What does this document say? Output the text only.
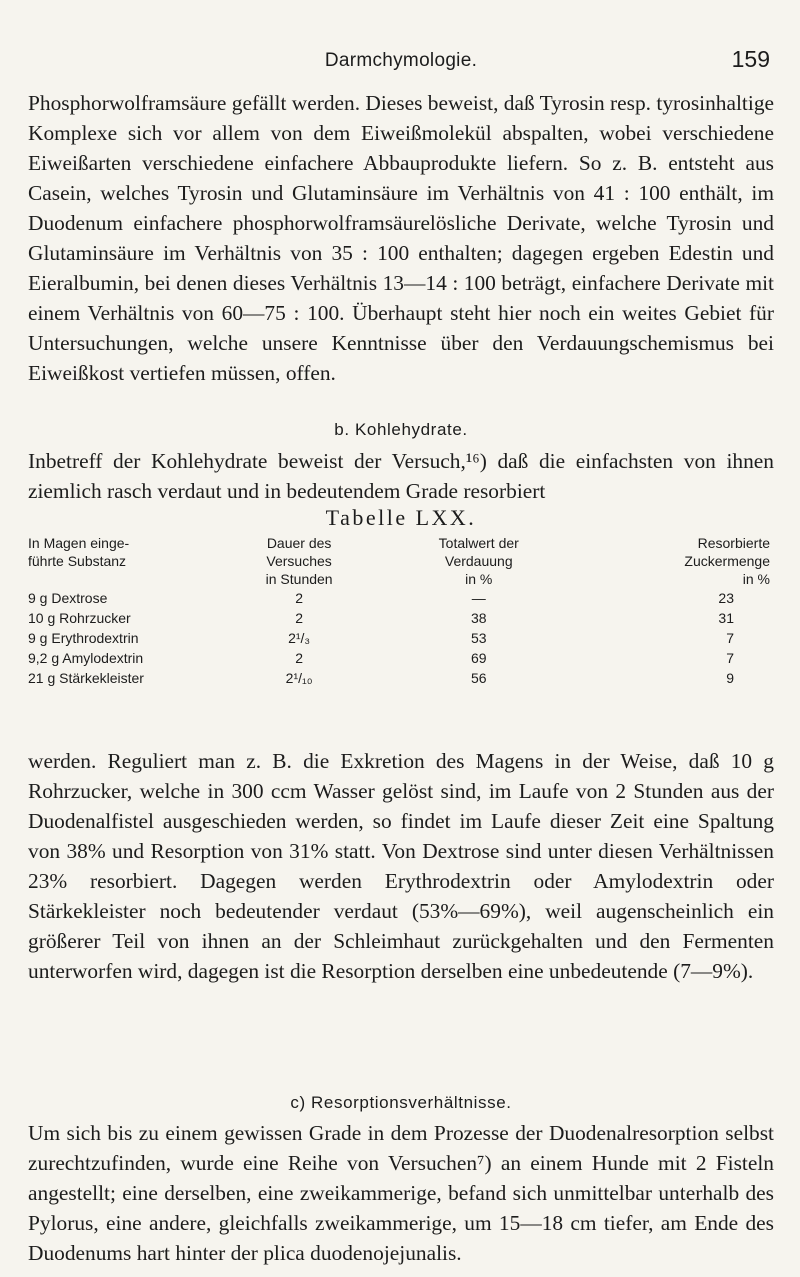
Darmchymologie.	159

Phosphorwolframsäure gefällt werden. Dieses beweist, daß Tyrosin resp. tyrosinhaltige Komplexe sich vor allem von dem Eiweißmolekül abspalten, wobei verschiedene Eiweißarten verschiedene einfachere Abbauprodukte liefern. So z. B. entsteht aus Casein, welches Tyrosin und Glutaminsäure im Verhältnis von 41 : 100 enthält, im Duodenum einfachere phosphorwolframsäurelösliche Derivate, welche Tyrosin und Glutaminsäure im Verhältnis von 35 : 100 enthalten; dagegen ergeben Edestin und Eieralbumin, bei denen dieses Verhältnis 13—14 : 100 beträgt, einfachere Derivate mit einem Verhältnis von 60—75 : 100. Überhaupt steht hier noch ein weites Gebiet für Untersuchungen, welche unsere Kenntnisse über den Verdauungschemismus bei Eiweißkost vertiefen müssen, offen.

b. Kohlehydrate.

Inbetreff der Kohlehydrate beweist der Versuch,¹⁶) daß die einfachsten von ihnen ziemlich rasch verdaut und in bedeutendem Grade resorbiert

Tabelle LXX.
In Magen einge-	Dauer des	Totalwert der	Resorbierte
führte Substanz	Versuches	Verdauung	Zuckermenge
	in Stunden	in %	in %
9 g Dextrose	2	—	23
10 g Rohrzucker	2	38	31
9 g Erythrodextrin	2¹/₃	53	7
9,2 g Amylodextrin	2	69	7
21 g Stärkekleister	2¹/₁₀	56	9

werden. Reguliert man z. B. die Exkretion des Magens in der Weise, daß 10 g Rohrzucker, welche in 300 ccm Wasser gelöst sind, im Laufe von 2 Stunden aus der Duodenalfistel ausgeschieden werden, so findet im Laufe dieser Zeit eine Spaltung von 38% und Resorption von 31% statt. Von Dextrose sind unter diesen Verhältnissen 23% resorbiert. Dagegen werden Erythrodextrin oder Amylodextrin oder Stärkekleister noch bedeutender verdaut (53%—69%), weil augenscheinlich ein größerer Teil von ihnen an der Schleimhaut zurückgehalten und den Fermenten unterworfen wird, dagegen ist die Resorption derselben eine unbedeutende (7—9%).

c) Resorptionsverhältnisse.

Um sich bis zu einem gewissen Grade in dem Prozesse der Duodenalresorption selbst zurechtzufinden, wurde eine Reihe von Versuchen⁷) an einem Hunde mit 2 Fisteln angestellt; eine derselben, eine zweikammerige, befand sich unmittelbar unterhalb des Pylorus, eine andere, gleichfalls zweikammerige, um 15—18 cm tiefer, am Ende des Duodenums hart hinter der plica duodenojejunalis.
